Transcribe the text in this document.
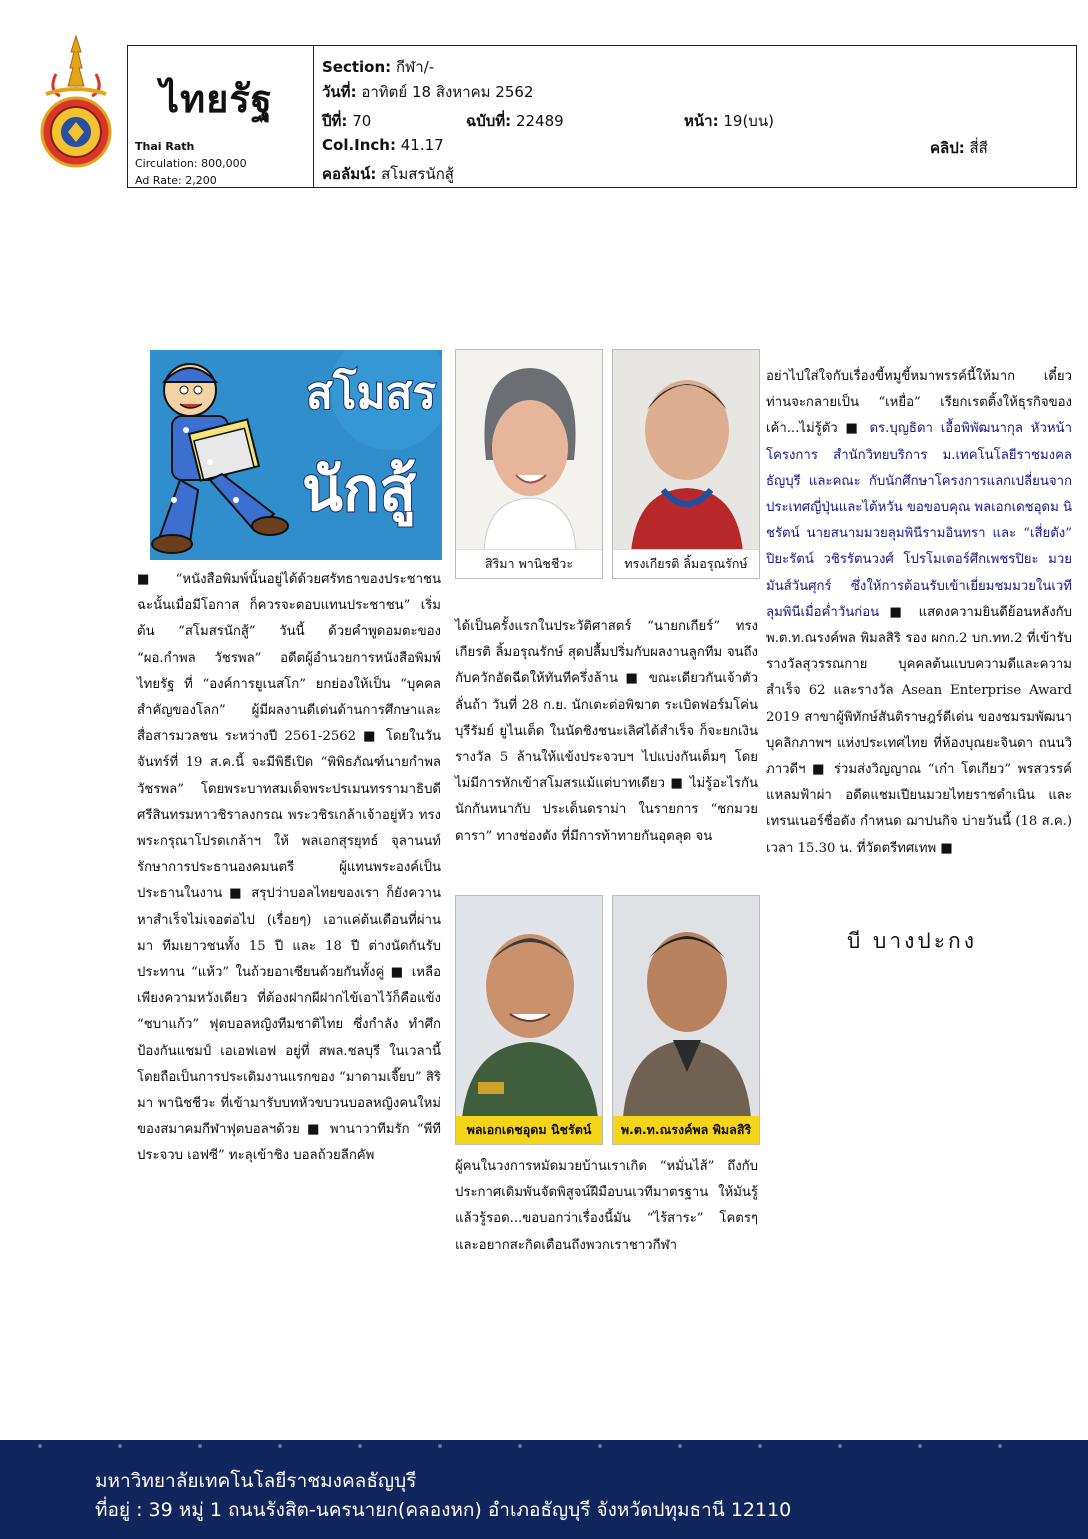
ไทยรัฐ
Thai Rath
Circulation: 800,000
Ad Rate: 2,200
Section: กีฬา/-
วันที่: อาทิตย์ 18 สิงหาคม 2562
ปีที่: 70	ฉบับที่: 22489	หน้า: 19(บน)
Col.Inch: 41.17	คลิป: สี่สี
คอลัมน์: สโมสรนักสู้
สโมสร
นักสู้
สิริมา พานิชชีวะ	ทรงเกียรติ ลิ้มอรุณรักษ์
พลเอกเดชอุดม นิชรัตน์	พ.ต.ท.ณรงค์พล พิมลสิริ

■ “หนังสือพิมพ์นั้นอยู่ได้ด้วยศรัทธาของประชาชน ฉะนั้นเมื่อมีโอกาส ก็ควรจะตอบแทนประชาชน” เริ่มต้น “สโมสรนักสู้” วันนี้ ด้วยคำพูดอมตะของ “ผอ.กำพล วัชรพล” อดีตผู้อำนวยการหนังสือพิมพ์ไทยรัฐ ที่ “องค์การยูเนสโก” ยกย่องให้เป็น “บุคคลสำคัญของโลก” ผู้มีผลงานดีเด่นด้านการศึกษาและสื่อสารมวลชน ระหว่างปี 2561-2562 ■ โดยในวันจันทร์ที่ 19 ส.ค.นี้ จะมีพิธีเปิด “พิพิธภัณฑ์นายกำพล วัชรพล” โดยพระบาทสมเด็จพระปรเมนทรรามาธิบดีศรีสินทรมหาวชิราลงกรณ พระวชิรเกล้าเจ้าอยู่หัว ทรงพระกรุณาโปรดเกล้าฯ ให้ พลเอกสุรยุทธ์ จุลานนท์ รักษาการประธานองคมนตรี ผู้แทนพระองค์เป็นประธานในงาน ■ สรุปว่าบอลไทยของเรา ก็ยังควานหาสำเร็จไม่เจอต่อไป (เรื่อยๆ) เอาแค่ต้นเดือนที่ผ่านมา ทีมเยาวชนทั้ง 15 ปี และ 18 ปี ต่างนัดกันรับประทาน “แห้ว” ในถ้วยอาเซียนด้วยกันทั้งคู่ ■ เหลือเพียงความหวังเดียว ที่ต้องฝากผีฝากไข้เอาไว้ก็คือแข้ง “ชบาแก้ว” ฟุตบอลหญิงทีมชาติไทย ซึ่งกำลัง ทำศึกป้องกันแชมป์ เอเอฟเอฟ อยู่ที่ สพล.ชลบุรี ในเวลานี้ โดยถือเป็นการประเดิมงานแรกของ “มาดามเจี๊ยบ” สิริมา พานิชชีวะ ที่เข้ามารับบทหัวขบวนบอลหญิงคนใหม่ของสมาคมกีฬาฟุตบอลฯด้วย ■ พานาวาทีมรัก “พีที ประจวบ เอฟซี” ทะลุเข้าชิง บอลถ้วยลีกคัพ

ได้เป็นครั้งแรกในประวัติศาสตร์ “นายกเกียร์” ทรงเกียรติ ลิ้มอรุณรักษ์ สุดปลื้มปริ่มกับผลงานลูกทีม จนถึงกับควักอัดฉีดให้ทันทีครึ่งล้าน ■ ขณะเดียวกันเจ้าตัวลั่นถ้า วันที่ 28 ก.ย. นักเตะต่อพิฆาต ระเบิดฟอร์มโค่น บุรีรัมย์ ยูไนเต็ด ในนัดชิงชนะเลิศได้สำเร็จ ก็จะยกเงินรางวัล 5 ล้านให้แข้งประจวบฯ ไปแบ่งกันเต็มๆ โดยไม่มีการหักเข้าสโมสรแม้แต่บาทเดียว ■ ไม่รู้อะไรกันนักกันหนากับ ประเด็นดราม่า ในรายการ “ชกมวยดารา” ทางช่องดัง ที่มีการท้าทายกันอุตลุด จน

ผู้คนในวงการหมัดมวยบ้านเราเกิด “หมั่นไส้” ถึงกับประกาศเดิมพันจัดพิสูจน์ฝีมือบนเวทีมาตรฐาน ให้มันรู้แล้วรู้รอด...ขอบอกว่าเรื่องนี้มัน “ไร้สาระ” โคตรๆ และอยากสะกิดเตือนถึงพวกเราชาวกีฬา

อย่าไปใส่ใจกับเรื่องขี้หมูขี้หมาพรรค์นี้ให้มาก เดี๋ยวท่านจะกลายเป็น “เหยื่อ” เรียกเรตติ้งให้ธุรกิจของเค้า...ไม่รู้ตัว ■ ดร.บุญธิดา เอื้อพิพัฒนากุล หัวหน้าโครงการ สำนักวิทยบริการ ม.เทคโนโลยีราชมงคลธัญบุรี และคณะ กับนักศึกษาโครงการแลกเปลี่ยนจากประเทศญี่ปุ่นและไต้หวัน ขอขอบคุณ พลเอกเดชอุดม นิชรัตน์ นายสนามมวยลุมพินีรามอินทรา และ “เสี่ยตัง” ปิยะรัตน์ วชิรรัตนวงศ์ โปรโมเตอร์ศึกเพชรปิยะ มวยมันส์วันศุกร์ ซึ่งให้การต้อนรับเข้าเยี่ยมชมมวยในเวทีลุมพินีเมื่อค่ำวันก่อน ■ แสดงความยินดีย้อนหลังกับ พ.ต.ท.ณรงค์พล พิมลสิริ รอง ผกก.2 บก.ทท.2 ที่เข้ารับ รางวัลสุวรรณกาย บุคคลต้นแบบความดีและความสำเร็จ 62 และรางวัล Asean Enterprise Award 2019 สาขาผู้พิทักษ์สันติราษฎร์ดีเด่น ของชมรมพัฒนาบุคลิกภาพฯ แห่งประเทศไทย ที่ห้องบุณยะจินดา ถนนวิภาวดีฯ ■ ร่วมส่งวิญญาณ “เก๋า โตเกียว” พรสวรรค์ แหลมฟ้าผ่า อดีตแชมเปียนมวยไทยราชดำเนิน และเทรนเนอร์ชื่อดัง กำหนด ฌาปนกิจ บ่ายวันนี้ (18 ส.ค.) เวลา 15.30 น. ที่วัดตรีทศเทพ ■

บี บางปะกง
มหาวิทยาลัยเทคโนโลยีราชมงคลธัญบุรี
ที่อยู่ : 39 หมู่ 1 ถนนรังสิต-นครนายก(คลองหก) อำเภอธัญบุรี จังหวัดปทุมธานี 12110
